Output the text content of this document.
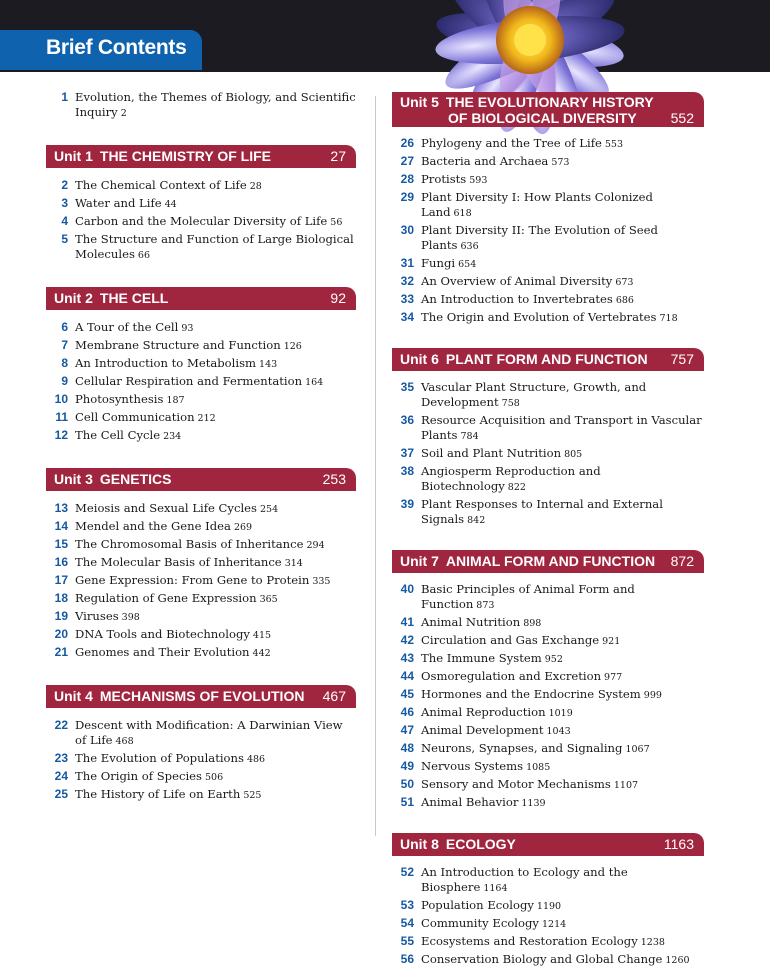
Brief Contents
1 Evolution, the Themes of Biology, and Scientific Inquiry 2
Unit 1 THE CHEMISTRY OF LIFE	27
2 The Chemical Context of Life 28
3 Water and Life 44
4 Carbon and the Molecular Diversity of Life 56
5 The Structure and Function of Large Biological Molecules 66
Unit 2 THE CELL	92
6 A Tour of the Cell 93
7 Membrane Structure and Function 126
8 An Introduction to Metabolism 143
9 Cellular Respiration and Fermentation 164
10 Photosynthesis 187
11 Cell Communication 212
12 The Cell Cycle 234
Unit 3 GENETICS	253
13 Meiosis and Sexual Life Cycles 254
14 Mendel and the Gene Idea 269
15 The Chromosomal Basis of Inheritance 294
16 The Molecular Basis of Inheritance 314
17 Gene Expression: From Gene to Protein 335
18 Regulation of Gene Expression 365
19 Viruses 398
20 DNA Tools and Biotechnology 415
21 Genomes and Their Evolution 442
Unit 4 MECHANISMS OF EVOLUTION 467
22 Descent with Modification: A Darwinian View of Life 468
23 The Evolution of Populations 486
24 The Origin of Species 506
25 The History of Life on Earth 525
Unit 5 THE EVOLUTIONARY HISTORY
OF BIOLOGICAL DIVERSITY 552
26 Phylogeny and the Tree of Life 553
27 Bacteria and Archaea 573
28 Protists 593
29 Plant Diversity I: How Plants Colonized Land 618
30 Plant Diversity II: The Evolution of Seed Plants 636
31 Fungi 654
32 An Overview of Animal Diversity 673
33 An Introduction to Invertebrates 686
34 The Origin and Evolution of Vertebrates 718
Unit 6 PLANT FORM AND FUNCTION 757
35 Vascular Plant Structure, Growth, and Development 758
36 Resource Acquisition and Transport in Vascular Plants 784
37 Soil and Plant Nutrition 805
38 Angiosperm Reproduction and Biotechnology 822
39 Plant Responses to Internal and External Signals 842
Unit 7 ANIMAL FORM AND FUNCTION 872
40 Basic Principles of Animal Form and Function 873
41 Animal Nutrition 898
42 Circulation and Gas Exchange 921
43 The Immune System 952
44 Osmoregulation and Excretion 977
45 Hormones and the Endocrine System 999
46 Animal Reproduction 1019
47 Animal Development 1043
48 Neurons, Synapses, and Signaling 1067
49 Nervous Systems 1085
50 Sensory and Motor Mechanisms 1107
51 Animal Behavior 1139
Unit 8 ECOLOGY	1163
52 An Introduction to Ecology and the Biosphere 1164
53 Population Ecology 1190
54 Community Ecology 1214
55 Ecosystems and Restoration Ecology 1238
56 Conservation Biology and Global Change 1260
